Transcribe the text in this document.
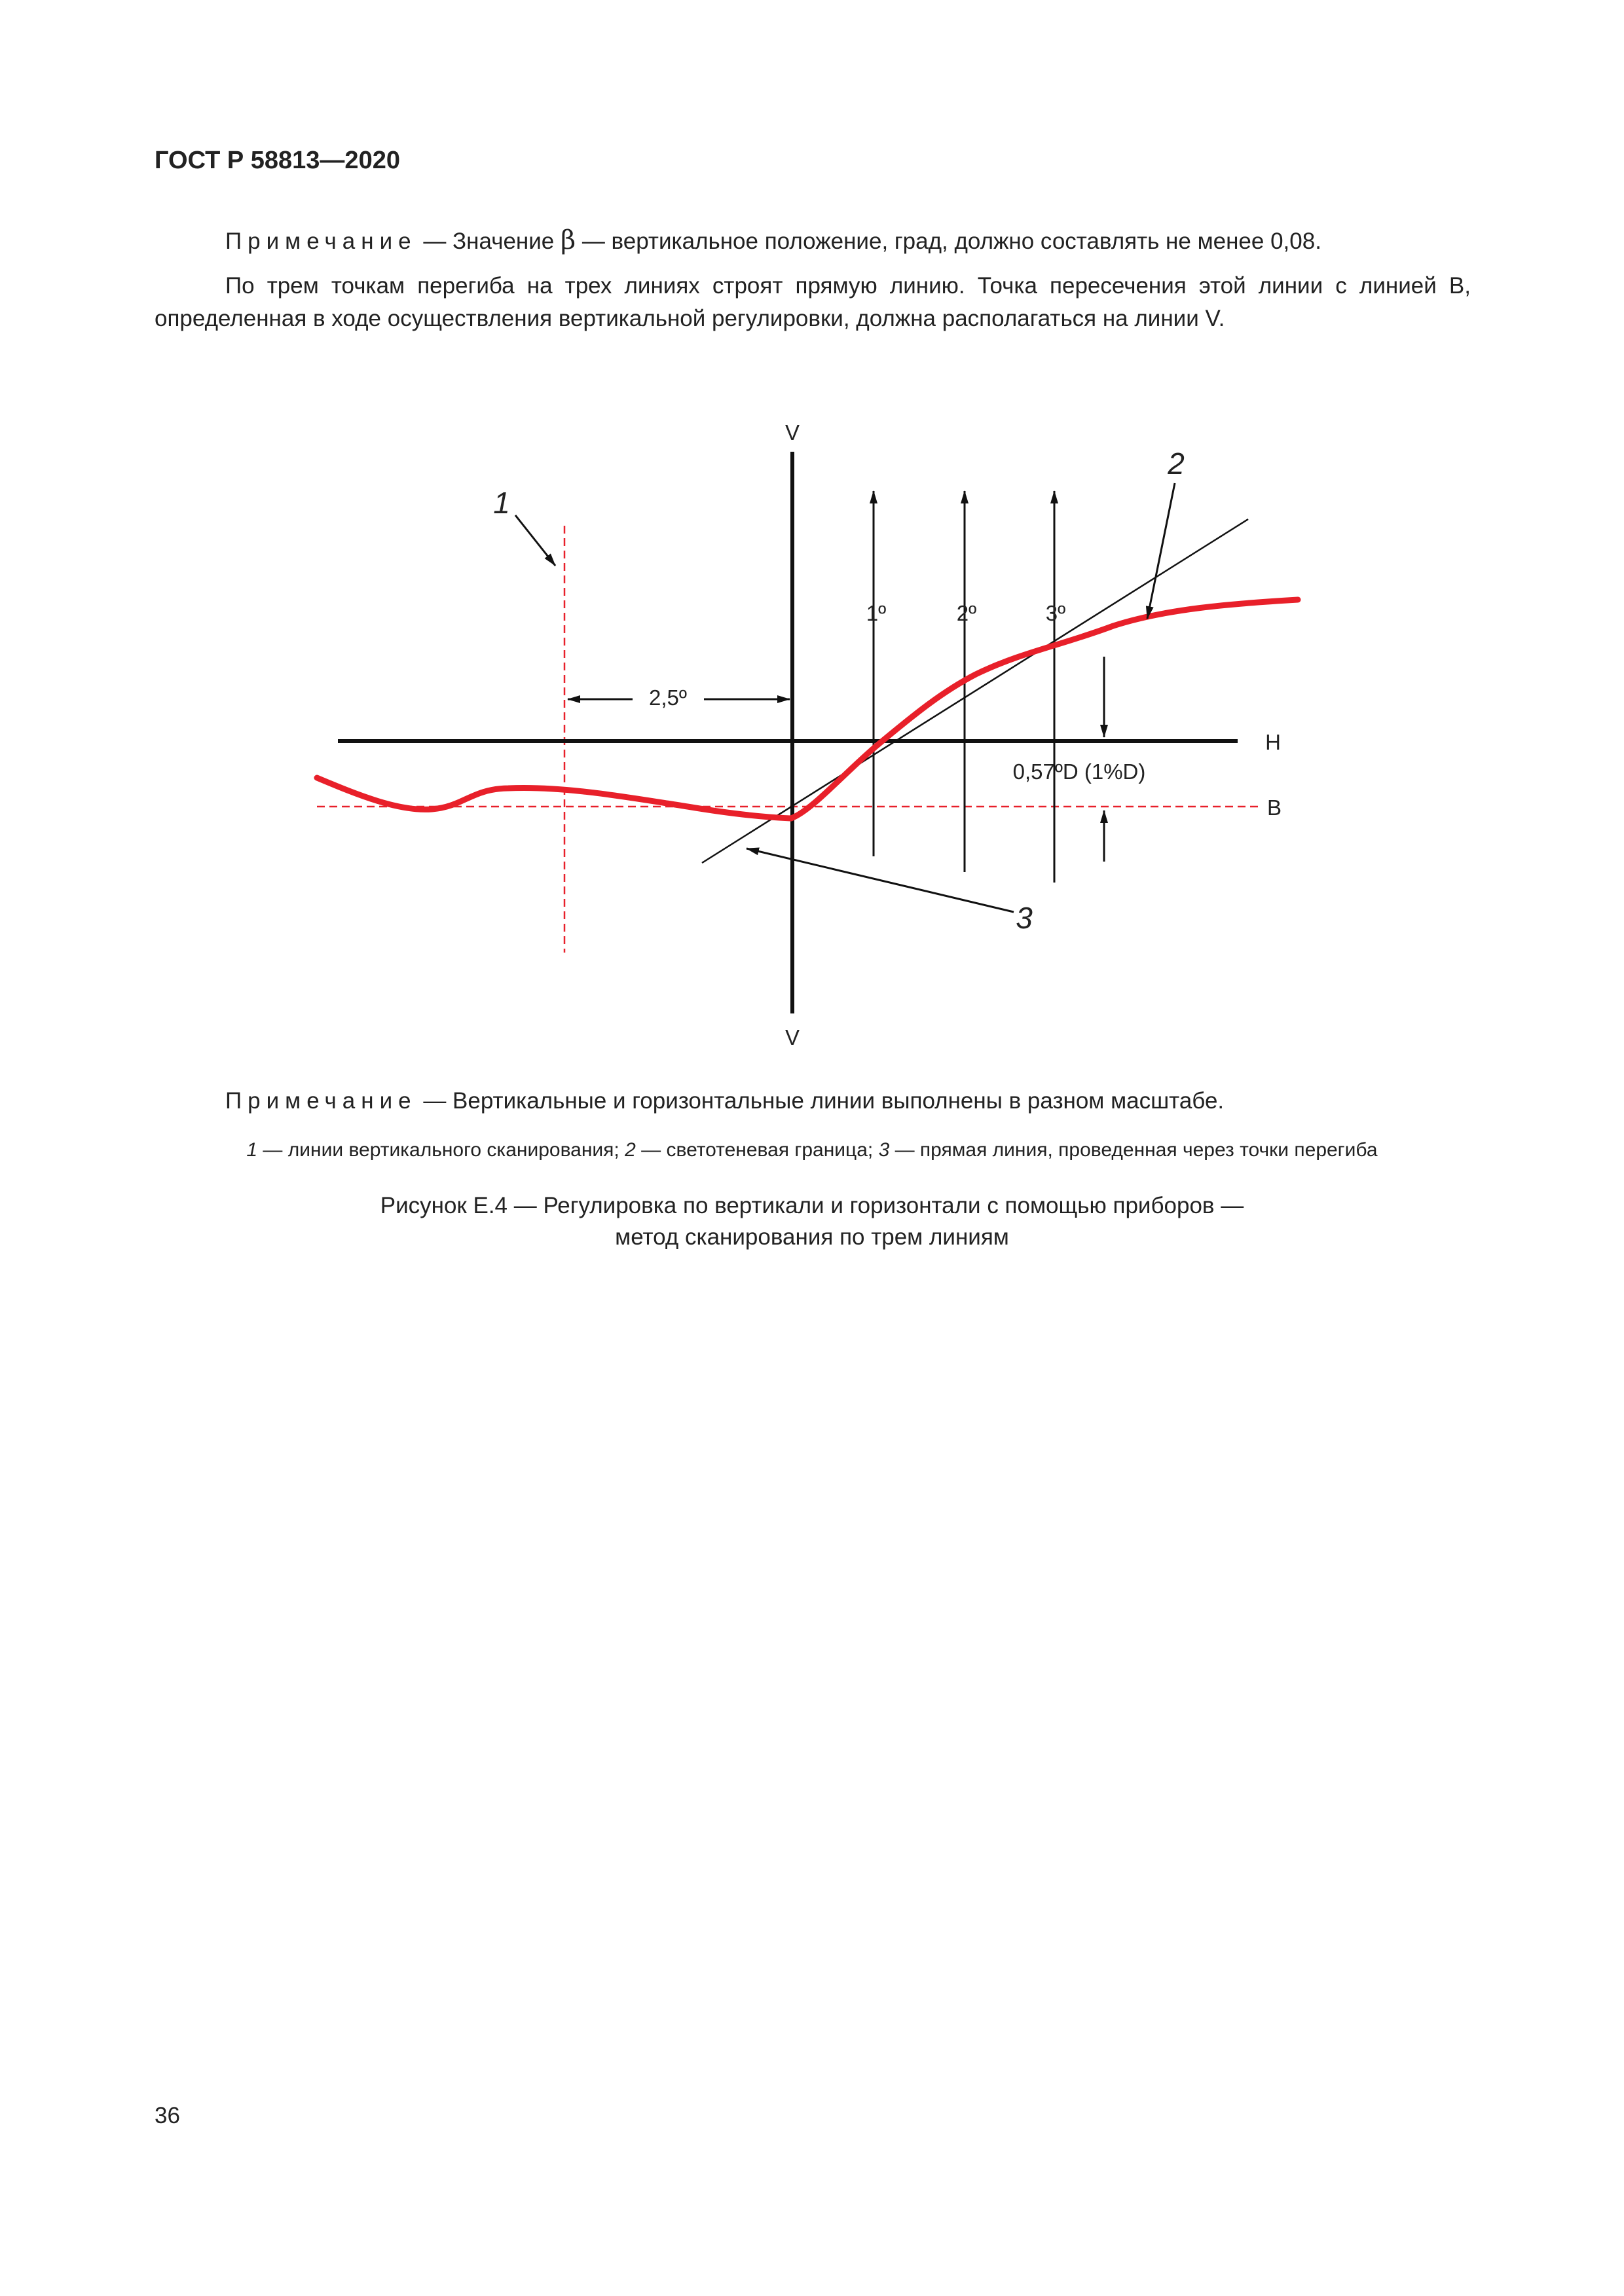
ГОСТ Р 58813—2020
Примечание — Значение β — вертикальное положение, град, должно составлять не менее 0,08.
По трем точкам перегиба на трех линиях строят прямую линию. Точка пересечения этой линии с линией B, определенная в ходе осуществления вертикальной регулировки, должна располагаться на линии V.
V
V
H
B
1º	2º	3º
2,5º
0,57ºD (1%D)
1
2
3
Примечание — Вертикальные и горизонтальные линии выполнены в разном масштабе.
1 — линии вертикального сканирования; 2 — светотеневая граница; 3 — прямая линия, проведенная через точки перегиба
Рисунок Е.4 — Регулировка по вертикали и горизонтали с помощью приборов —
метод сканирования по трем линиям
36
